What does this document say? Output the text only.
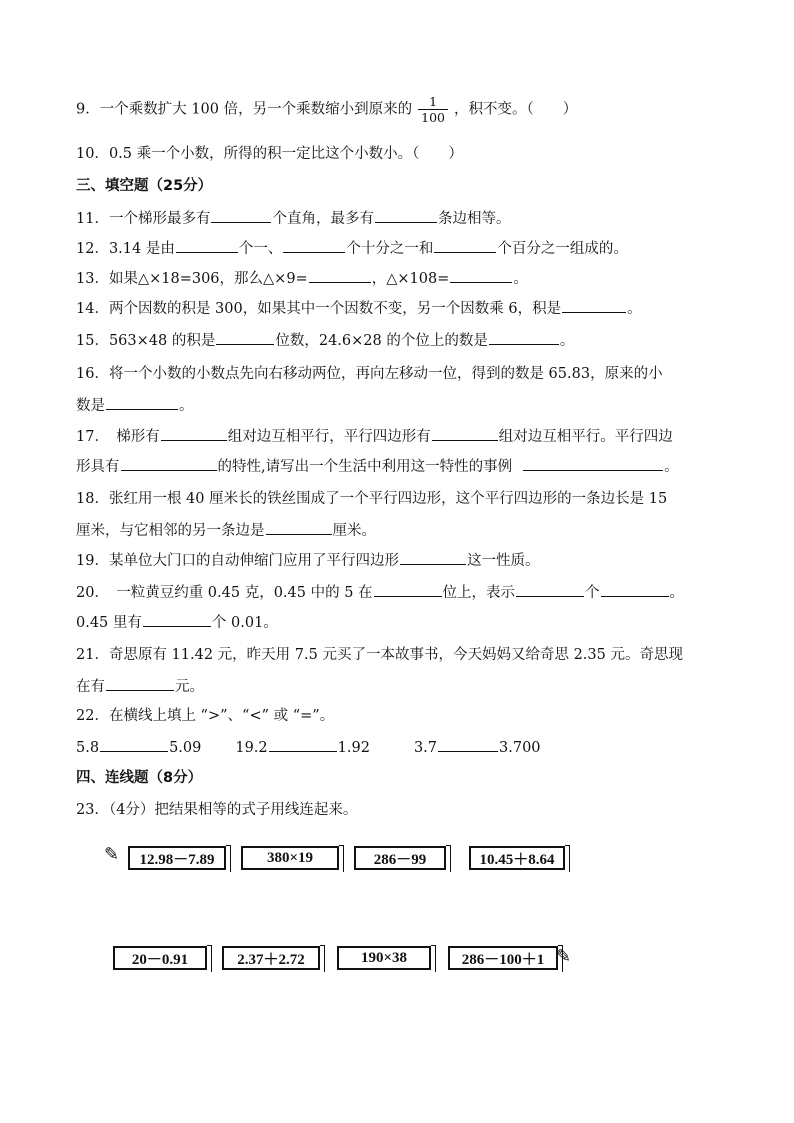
9．一个乘数扩大 100 倍，另一个乘数缩小到原来的 $\frac{1}{100}$ ，积不变。（　　）
10．0.5 乘一个小数，所得的积一定比这个小数小。（　　）
三、填空题（25分）
11．一个梯形最多有	个直角，最多有	条边相等。
12．3.14 是由	个一、	个十分之一和	个百分之一组成的。
13．如果△×18=306，那么△×9=	，△×108=	。
14．两个因数的积是 300，如果其中一个因数不变，另一个因数乘 6，积是	。
15．563×48 的积是	位数，24.6×28 的个位上的数是	。
16．将一个小数的小数点先向右移动两位，再向左移动一位，得到的数是 65.83，原来的小
数是	。
17．　梯形有	组对边互相平行，平行四边形有	组对边互相平行。平行四边
形具有	的特性,请写出一个生活中利用这一特性的事例	。
18．张红用一根 40 厘米长的铁丝围成了一个平行四边形，这个平行四边形的一条边长是 15
厘米，与它相邻的另一条边是	厘米。
19．某单位大门口的自动伸缩门应用了平行四边形	这一性质。
20．　一粒黄豆约重 0.45 克，0.45 中的 5 在	位上，表示	个	。
0.45 里有	个 0.01。
21．奇思原有 11.42 元，昨天用 7.5 元买了一本故事书，今天妈妈又给奇思 2.35 元。奇思现
在有	元。
22．在横线上填上 “>”、“<” 或 “=”。
5.8	5.09 19.2	1.92	3.7	3.700
四、连线题（8分）
23．（4分）把结果相等的式子用线连起来。
✎	12.98－7.89	380×19	286－99	10.45＋8.64
20－0.91	2.37＋2.72	190×38	286－100＋1 ✎
